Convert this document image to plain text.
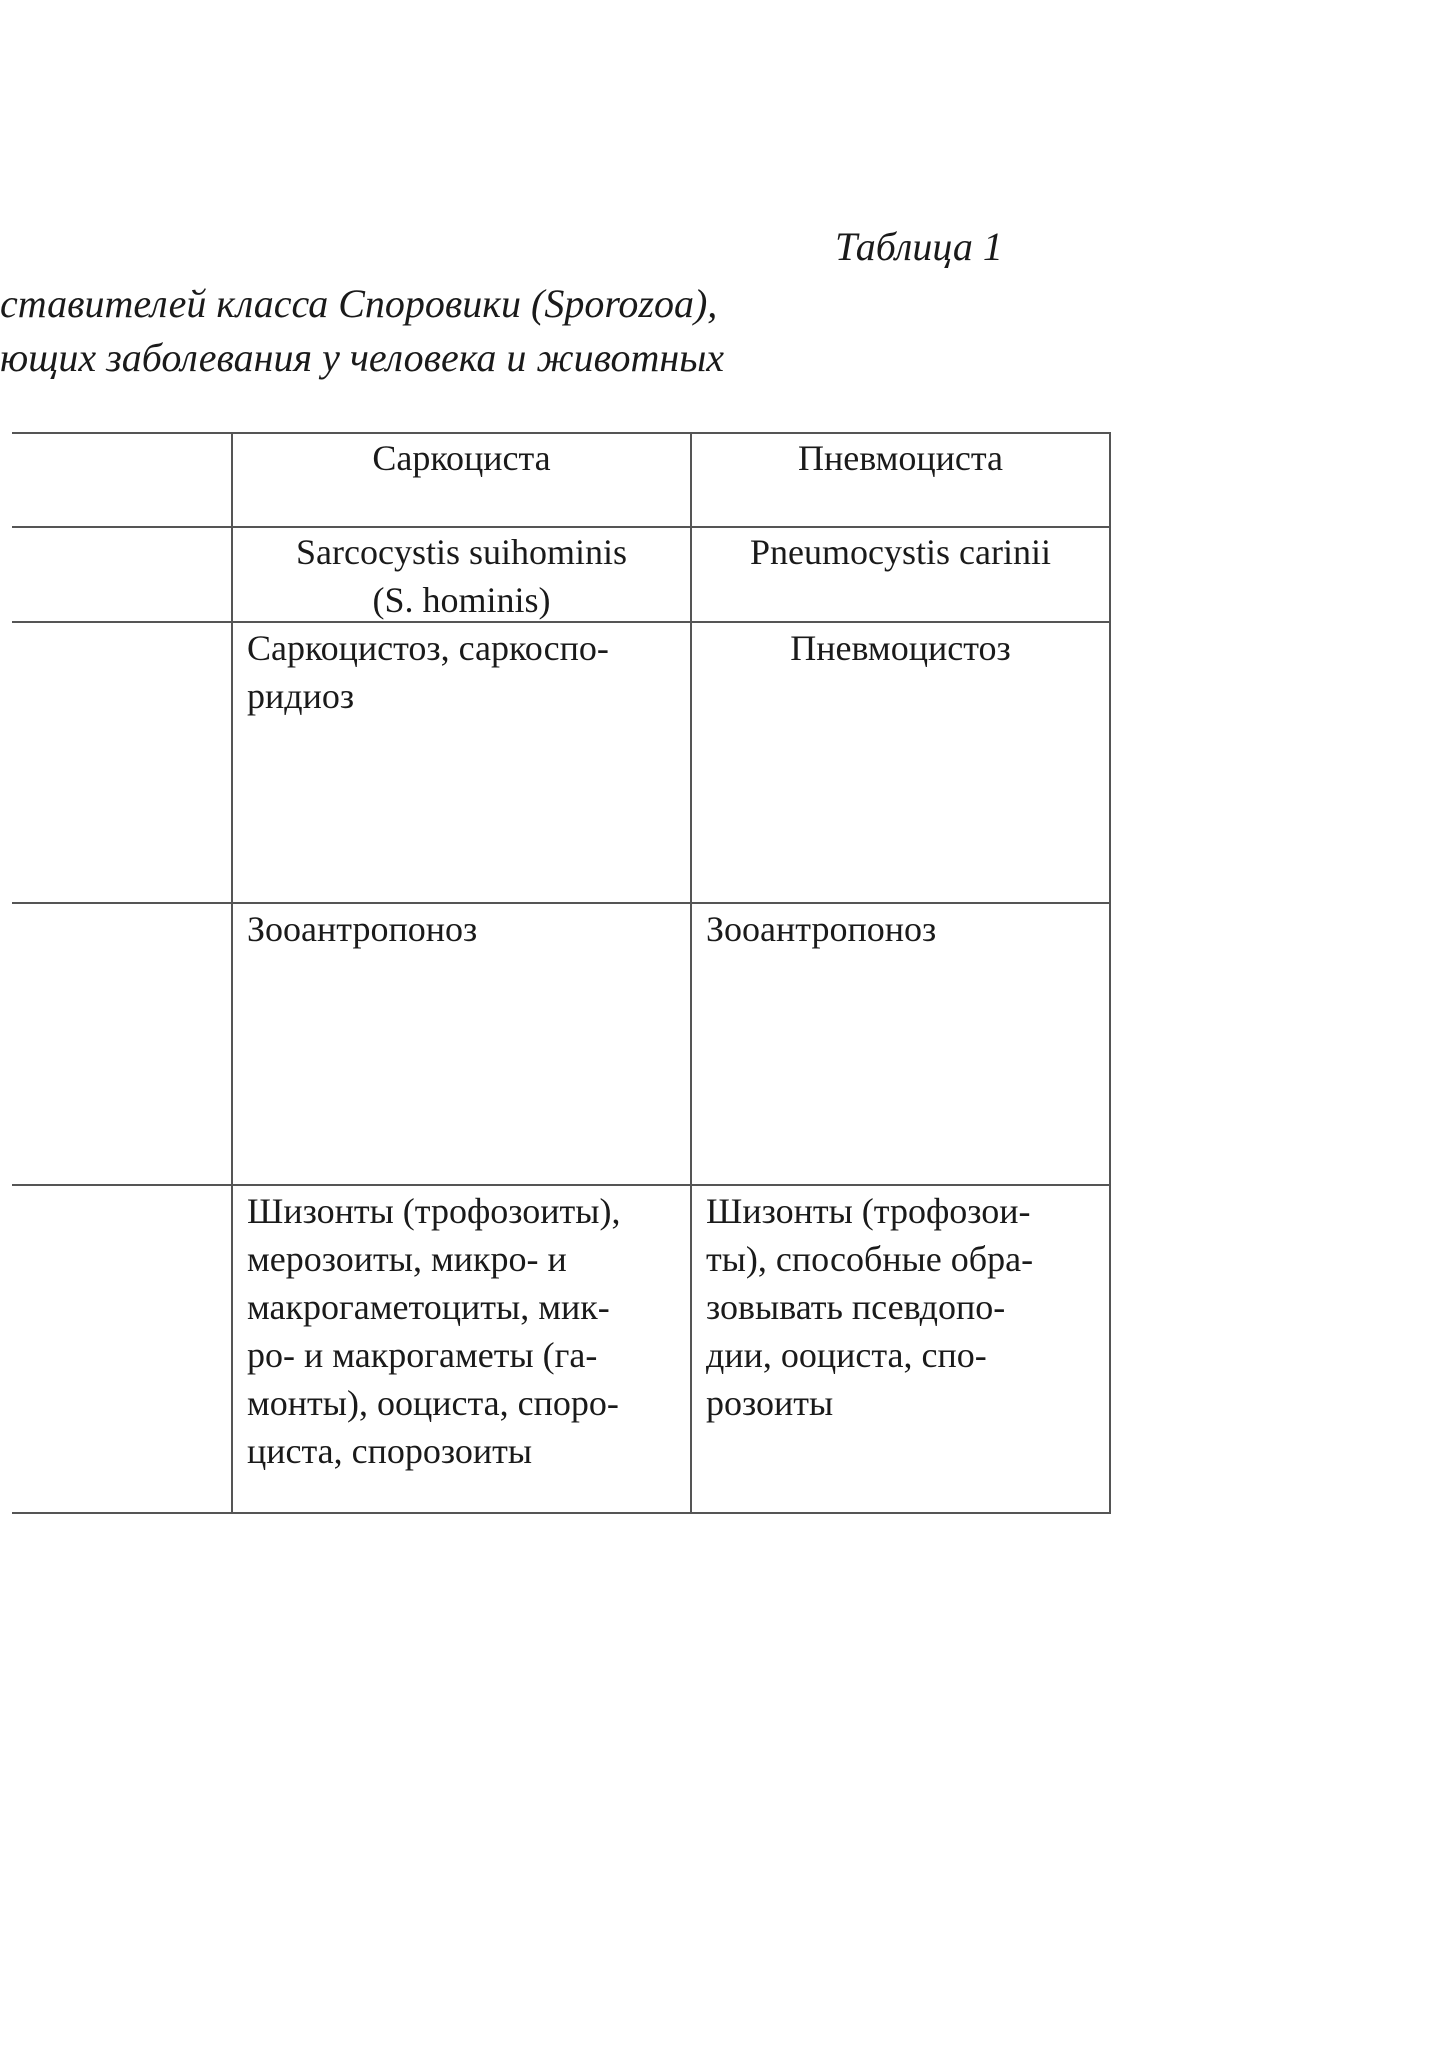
Таблица 1
ставителей класса Споровики (Sporozoa),
ющих заболевания у человека и животных
Саркоциста
Sarcocystis suihominis
(S. hominis)
Саркоцистоз, саркоспо-
ридиоз
Зооантропоноз
Шизонты (трофозоиты),
мерозоиты, микро- и
макрогаметоциты, мик-
ро- и макрогаметы (га-
монты), ооциста, споро-
циста, спорозоиты
Пневмоциста
Pneumocystis carinii
Пневмоцистоз
Зооантропоноз
Шизонты (трофозои-
ты), способные обра-
зовывать псевдопо-
дии, ооциста, спо-
розоиты
